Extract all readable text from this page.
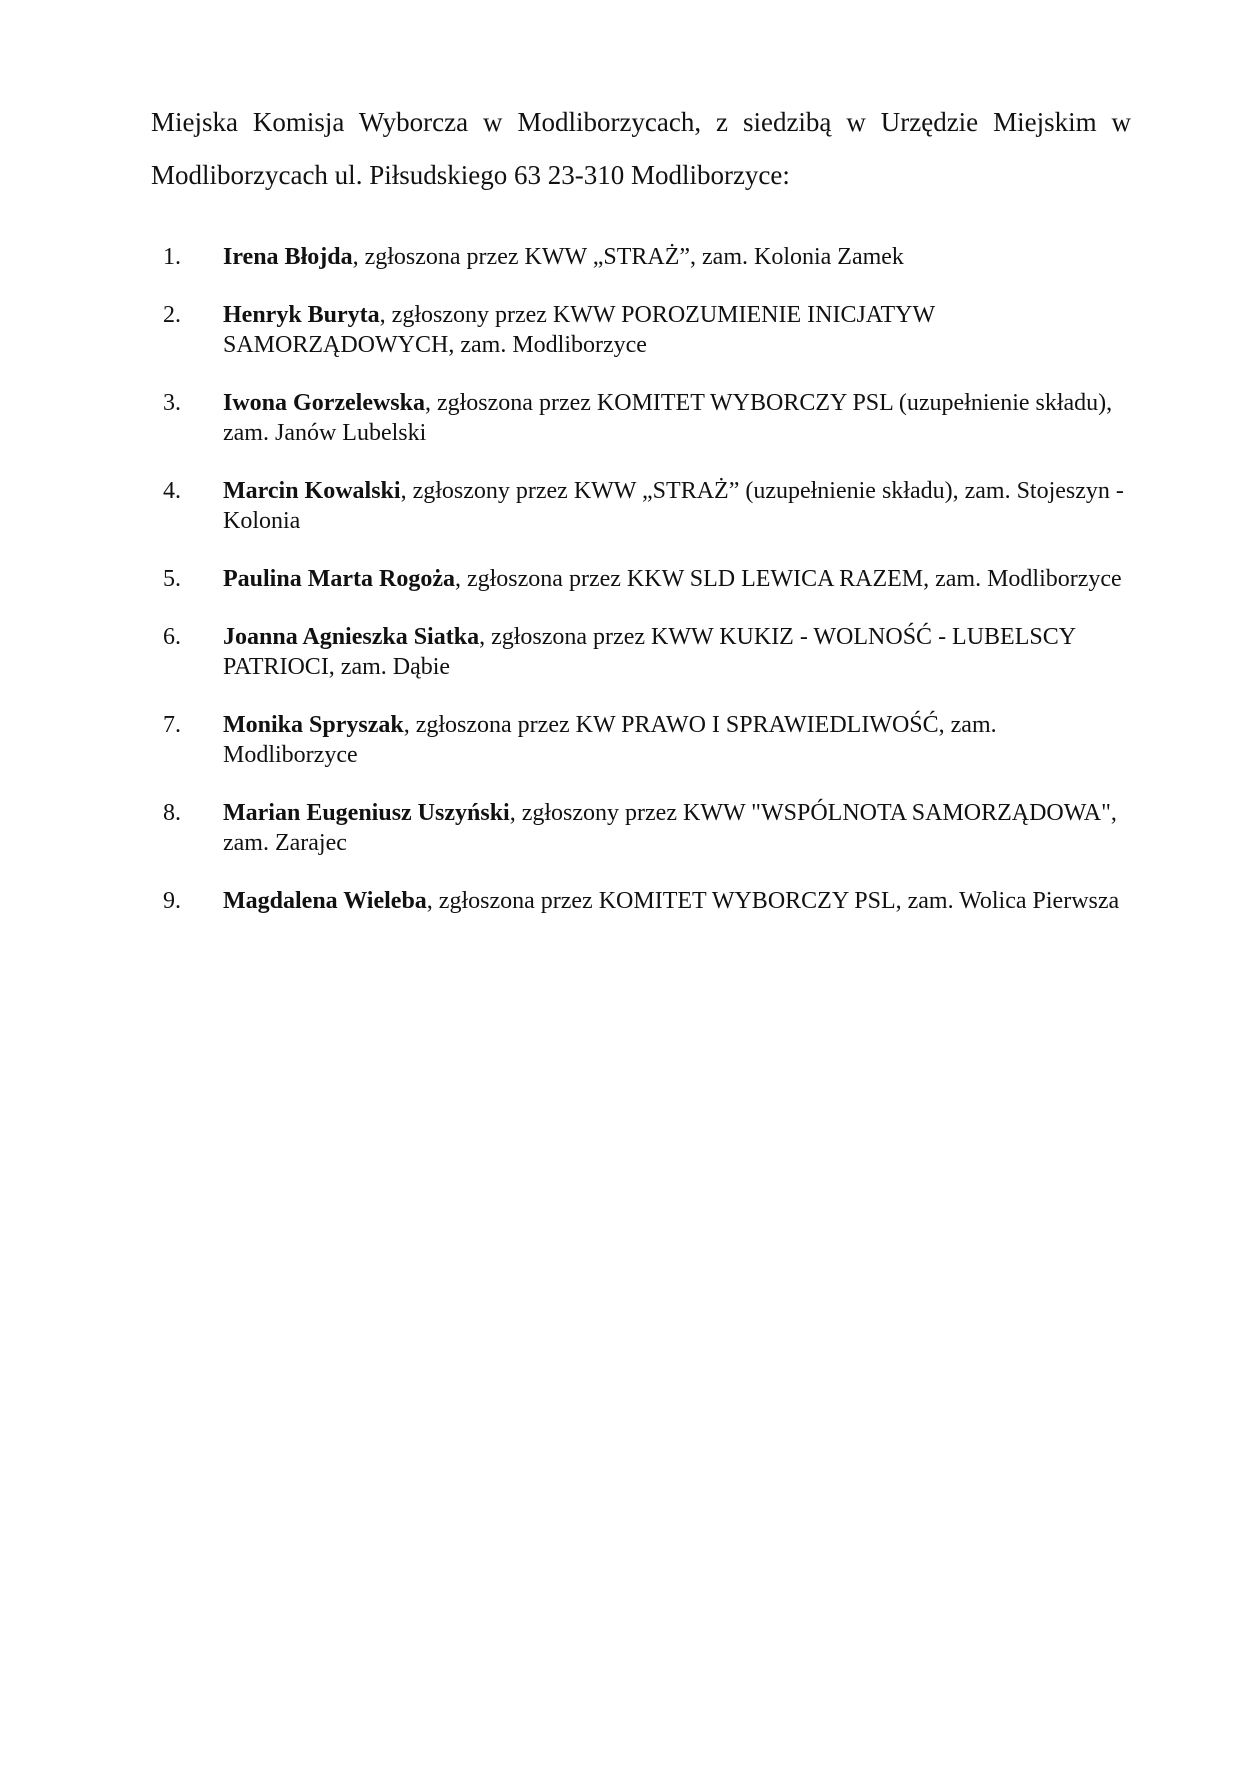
Miejska Komisja Wyborcza w Modliborzycach, z siedzibą w Urzędzie Miejskim w Modliborzycach ul. Piłsudskiego 63 23-310 Modliborzyce:

1. Irena Błojda, zgłoszona przez KWW „STRAŻ”, zam. Kolonia Zamek
2. Henryk Buryta, zgłoszony przez KWW POROZUMIENIE INICJATYW SAMORZĄDOWYCH, zam. Modliborzyce
3. Iwona Gorzelewska, zgłoszona przez KOMITET WYBORCZY PSL (uzupełnienie składu), zam. Janów Lubelski
4. Marcin Kowalski, zgłoszony przez KWW „STRAŻ” (uzupełnienie składu), zam. Stojeszyn - Kolonia
5. Paulina Marta Rogoża, zgłoszona przez KKW SLD LEWICA RAZEM, zam. Modliborzyce
6. Joanna Agnieszka Siatka, zgłoszona przez KWW KUKIZ - WOLNOŚĆ - LUBELSCY PATRIOCI, zam. Dąbie
7. Monika Spryszak, zgłoszona przez KW PRAWO I SPRAWIEDLIWOŚĆ, zam. Modliborzyce
8. Marian Eugeniusz Uszyński, zgłoszony przez KWW "WSPÓLNOTA SAMORZĄDOWA", zam. Zarajec
9. Magdalena Wieleba, zgłoszona przez KOMITET WYBORCZY PSL, zam. Wolica Pierwsza
